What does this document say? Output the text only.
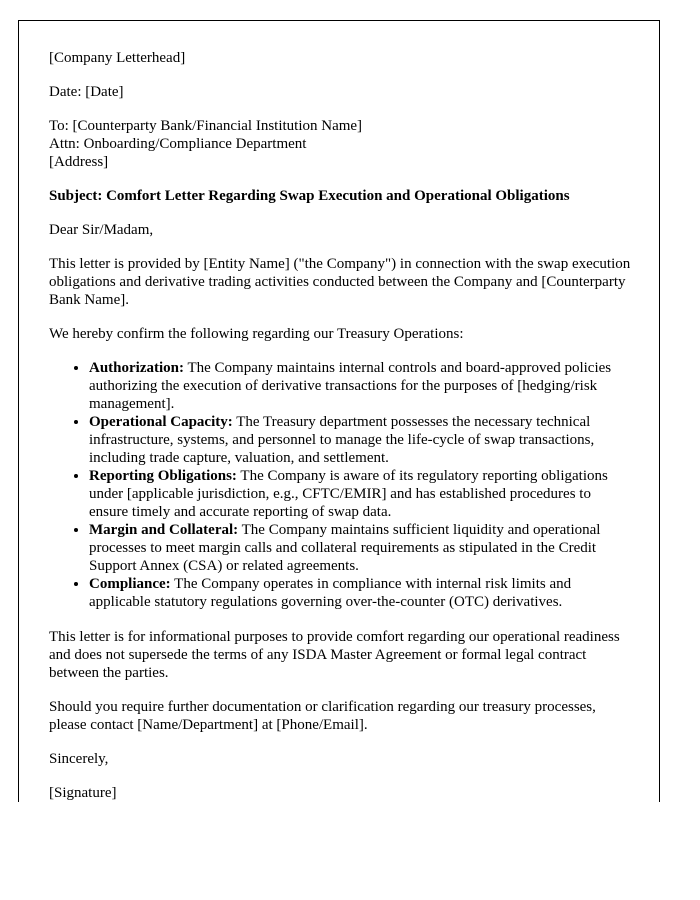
[Company Letterhead]

Date: [Date]

To: [Counterparty Bank/Financial Institution Name]
Attn: Onboarding/Compliance Department
[Address]

Subject: Comfort Letter Regarding Swap Execution and Operational Obligations

Dear Sir/Madam,

This letter is provided by [Entity Name] ("the Company") in connection with the swap execution obligations and derivative trading activities conducted between the Company and [Counterparty Bank Name].

We hereby confirm the following regarding our Treasury Operations:

• Authorization: The Company maintains internal controls and board-approved policies authorizing the execution of derivative transactions for the purposes of [hedging/risk management].
• Operational Capacity: The Treasury department possesses the necessary technical infrastructure, systems, and personnel to manage the life-cycle of swap transactions, including trade capture, valuation, and settlement.
• Reporting Obligations: The Company is aware of its regulatory reporting obligations under [applicable jurisdiction, e.g., CFTC/EMIR] and has established procedures to ensure timely and accurate reporting of swap data.
• Margin and Collateral: The Company maintains sufficient liquidity and operational processes to meet margin calls and collateral requirements as stipulated in the Credit Support Annex (CSA) or related agreements.
• Compliance: The Company operates in compliance with internal risk limits and applicable statutory regulations governing over-the-counter (OTC) derivatives.

This letter is for informational purposes to provide comfort regarding our operational readiness and does not supersede the terms of any ISDA Master Agreement or formal legal contract between the parties.

Should you require further documentation or clarification regarding our treasury processes, please contact [Name/Department] at [Phone/Email].

Sincerely,

[Signature]
